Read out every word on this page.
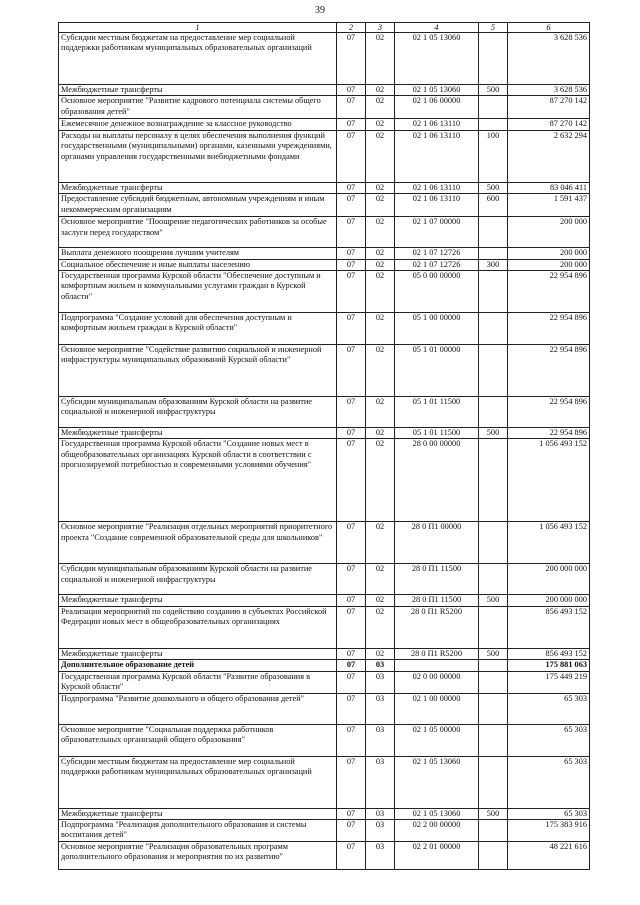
39
1	2	3	4	5	6
Субсидии местным бюджетам на предоставление мер социальной поддержки работникам муниципальных образовательных организаций	07	02	02 1 05 13060		3 628 536
Межбюджетные трансферты	07	02	02 1 05 13060	500	3 628 536
Основное мероприятие "Развитие кадрового потенциала системы общего образования детей"	07	02	02 1 06 00000		87 270 142
Ежемесячное денежное вознаграждение за классное руководство	07	02	02 1 06 13110		87 270 142
Расходы на выплаты персоналу в целях обеспечения выполнения функций государственными (муниципальными) органами, казенными учреждениями, органами управления государственными внебюджетными фондами	07	02	02 1 06 13110	100	2 632 294
Межбюджетные трансферты	07	02	02 1 06 13110	500	83 046 411
Предоставление субсидий бюджетным, автономным учреждениям и иным некоммерческим организациям	07	02	02 1 06 13110	600	1 591 437
Основное мероприятие "Поощрение педагогических работников за особые заслуги перед государством"	07	02	02 1 07 00000		200 000
Выплата денежного поощрения лучшим учителям	07	02	02 1 07 12726		200 000
Социальное обеспечение и иные выплаты населению	07	02	02 1 07 12726	300	200 000
Государственная программа Курской области "Обеспечение доступным и комфортным жильем и коммунальными услугами граждан в Курской области"	07	02	05 0 00 00000		22 954 896
Подпрограмма "Создание условий для обеспечения доступным и комфортным жильем граждан в Курской области"	07	02	05 1 00 00000		22 954 896
Основное мероприятие "Содействие развитию социальной и инженерной инфраструктуры муниципальных образований Курской области"	07	02	05 1 01 00000		22 954 896
Субсидии муниципальным образованиям Курской области на развитие социальной и инженерной инфраструктуры	07	02	05 1 01 11500		22 954 896
Межбюджетные трансферты	07	02	05 1 01 11500	500	22 954 896
Государственная программа Курской области "Создание новых мест в общеобразовательных организациях Курской области в соответствии с прогнозируемой потребностью и современными условиями обучения"	07	02	28 0 00 00000		1 056 493 152
Основное мероприятие "Реализация отдельных мероприятий приоритетного проекта "Создание современной образовательной среды для школьников"	07	02	28 0 П1 00000		1 056 493 152
Субсидии муниципальным образованиям Курской области на развитие социальной и инженерной инфраструктуры	07	02	28 0 П1 11500		200 000 000
Межбюджетные трансферты	07	02	28 0 П1 11500	500	200 000 000
Реализация мероприятий по содействию созданию в субъектах Российской Федерации новых мест в общеобразовательных организациях	07	02	28 0 П1 R5200		856 493 152
Межбюджетные трансферты	07	02	28 0 П1 R5200	500	856 493 152
Дополнительное образование детей	07	03			175 881 063
Государственная программа Курской области "Развитие образования в Курской области"	07	03	02 0 00 00000		175 449 219
Подпрограмма "Развитие дошкольного и общего образования детей"	07	03	02 1 00 00000		65 303
Основное мероприятие "Социальная поддержка работников образовательных организаций общего образования"	07	03	02 1 05 00000		65 303
Субсидии местным бюджетам на предоставление мер социальной поддержки работникам муниципальных образовательных организаций	07	03	02 1 05 13060		65 303
Межбюджетные трансферты	07	03	02 1 05 13060	500	65 303
Подпрограмма "Реализация дополнительного образования и системы воспитания детей"	07	03	02 2 00 00000		175 383 916
Основное мероприятие "Реализация образовательных программ дополнительного образования и мероприятия по их развитию"	07	03	02 2 01 00000		48 221 616
